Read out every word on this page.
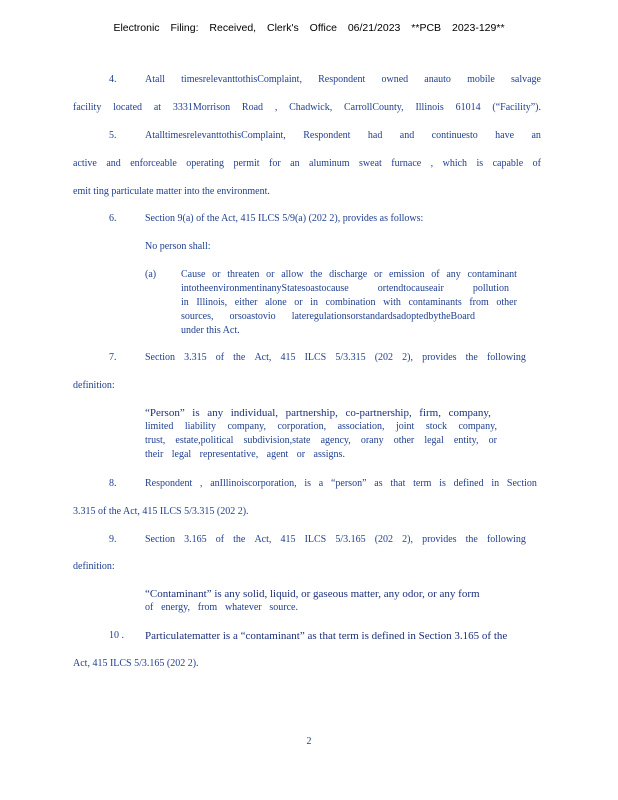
Electronic Filing: Received, Clerk's Office 06/21/2023 **PCB 2023-129**
4.	Atall timesrelevanttothisComplaint, Respondent owned anauto mobile salvage
facility located at 3331Morrison Road , Chadwick, CarrollCounty, Illinois 61014 (“Facility”).
5.	AtalltimesrelevanttothisComplaint, Respondent had and continuesto have an
active and enforceable operating permit for an aluminum sweat furnace , which is capable of
emit ting particulate matter into the environment.
6.	Section 9(a) of the Act, 415 ILCS 5/9(a) (202 2), provides as follows:
No person shall:
(a) Cause or threaten or allow the discharge or emission of any contaminant
intotheenvironmentinanyStatesoastocause	ortendtocauseair	pollution
in Illinois, either alone or in combination with contaminants from other
sources, orsoastovio lateregulationsorstandardsadoptedbytheBoard
under this Act.
7.	Section 3.315 of the Act, 415 ILCS 5/3.315 (202 2), provides the following
definition:
“Person” is any individual, partnership, co-partnership, firm, company,
limited liability company, corporation, association, joint stock company,
trust, estate,political subdivision,state agency, orany other legal entity, or
their legal representative, agent or assigns.
8.	Respondent , anIllinoiscorporation, is a “person” as that term is defined in Section
3.315 of the Act, 415 ILCS 5/3.315 (202 2).
9.	Section 3.165 of the Act, 415 ILCS 5/3.165 (202 2), provides the following
definition:
“Contaminant” is any solid, liquid, or gaseous matter, any odor, or any form
of energy, from whatever source.
10 . Particulatematter is a “contaminant” as that term is defined in Section 3.165 of the
Act, 415 ILCS 5/3.165 (202 2).
2
